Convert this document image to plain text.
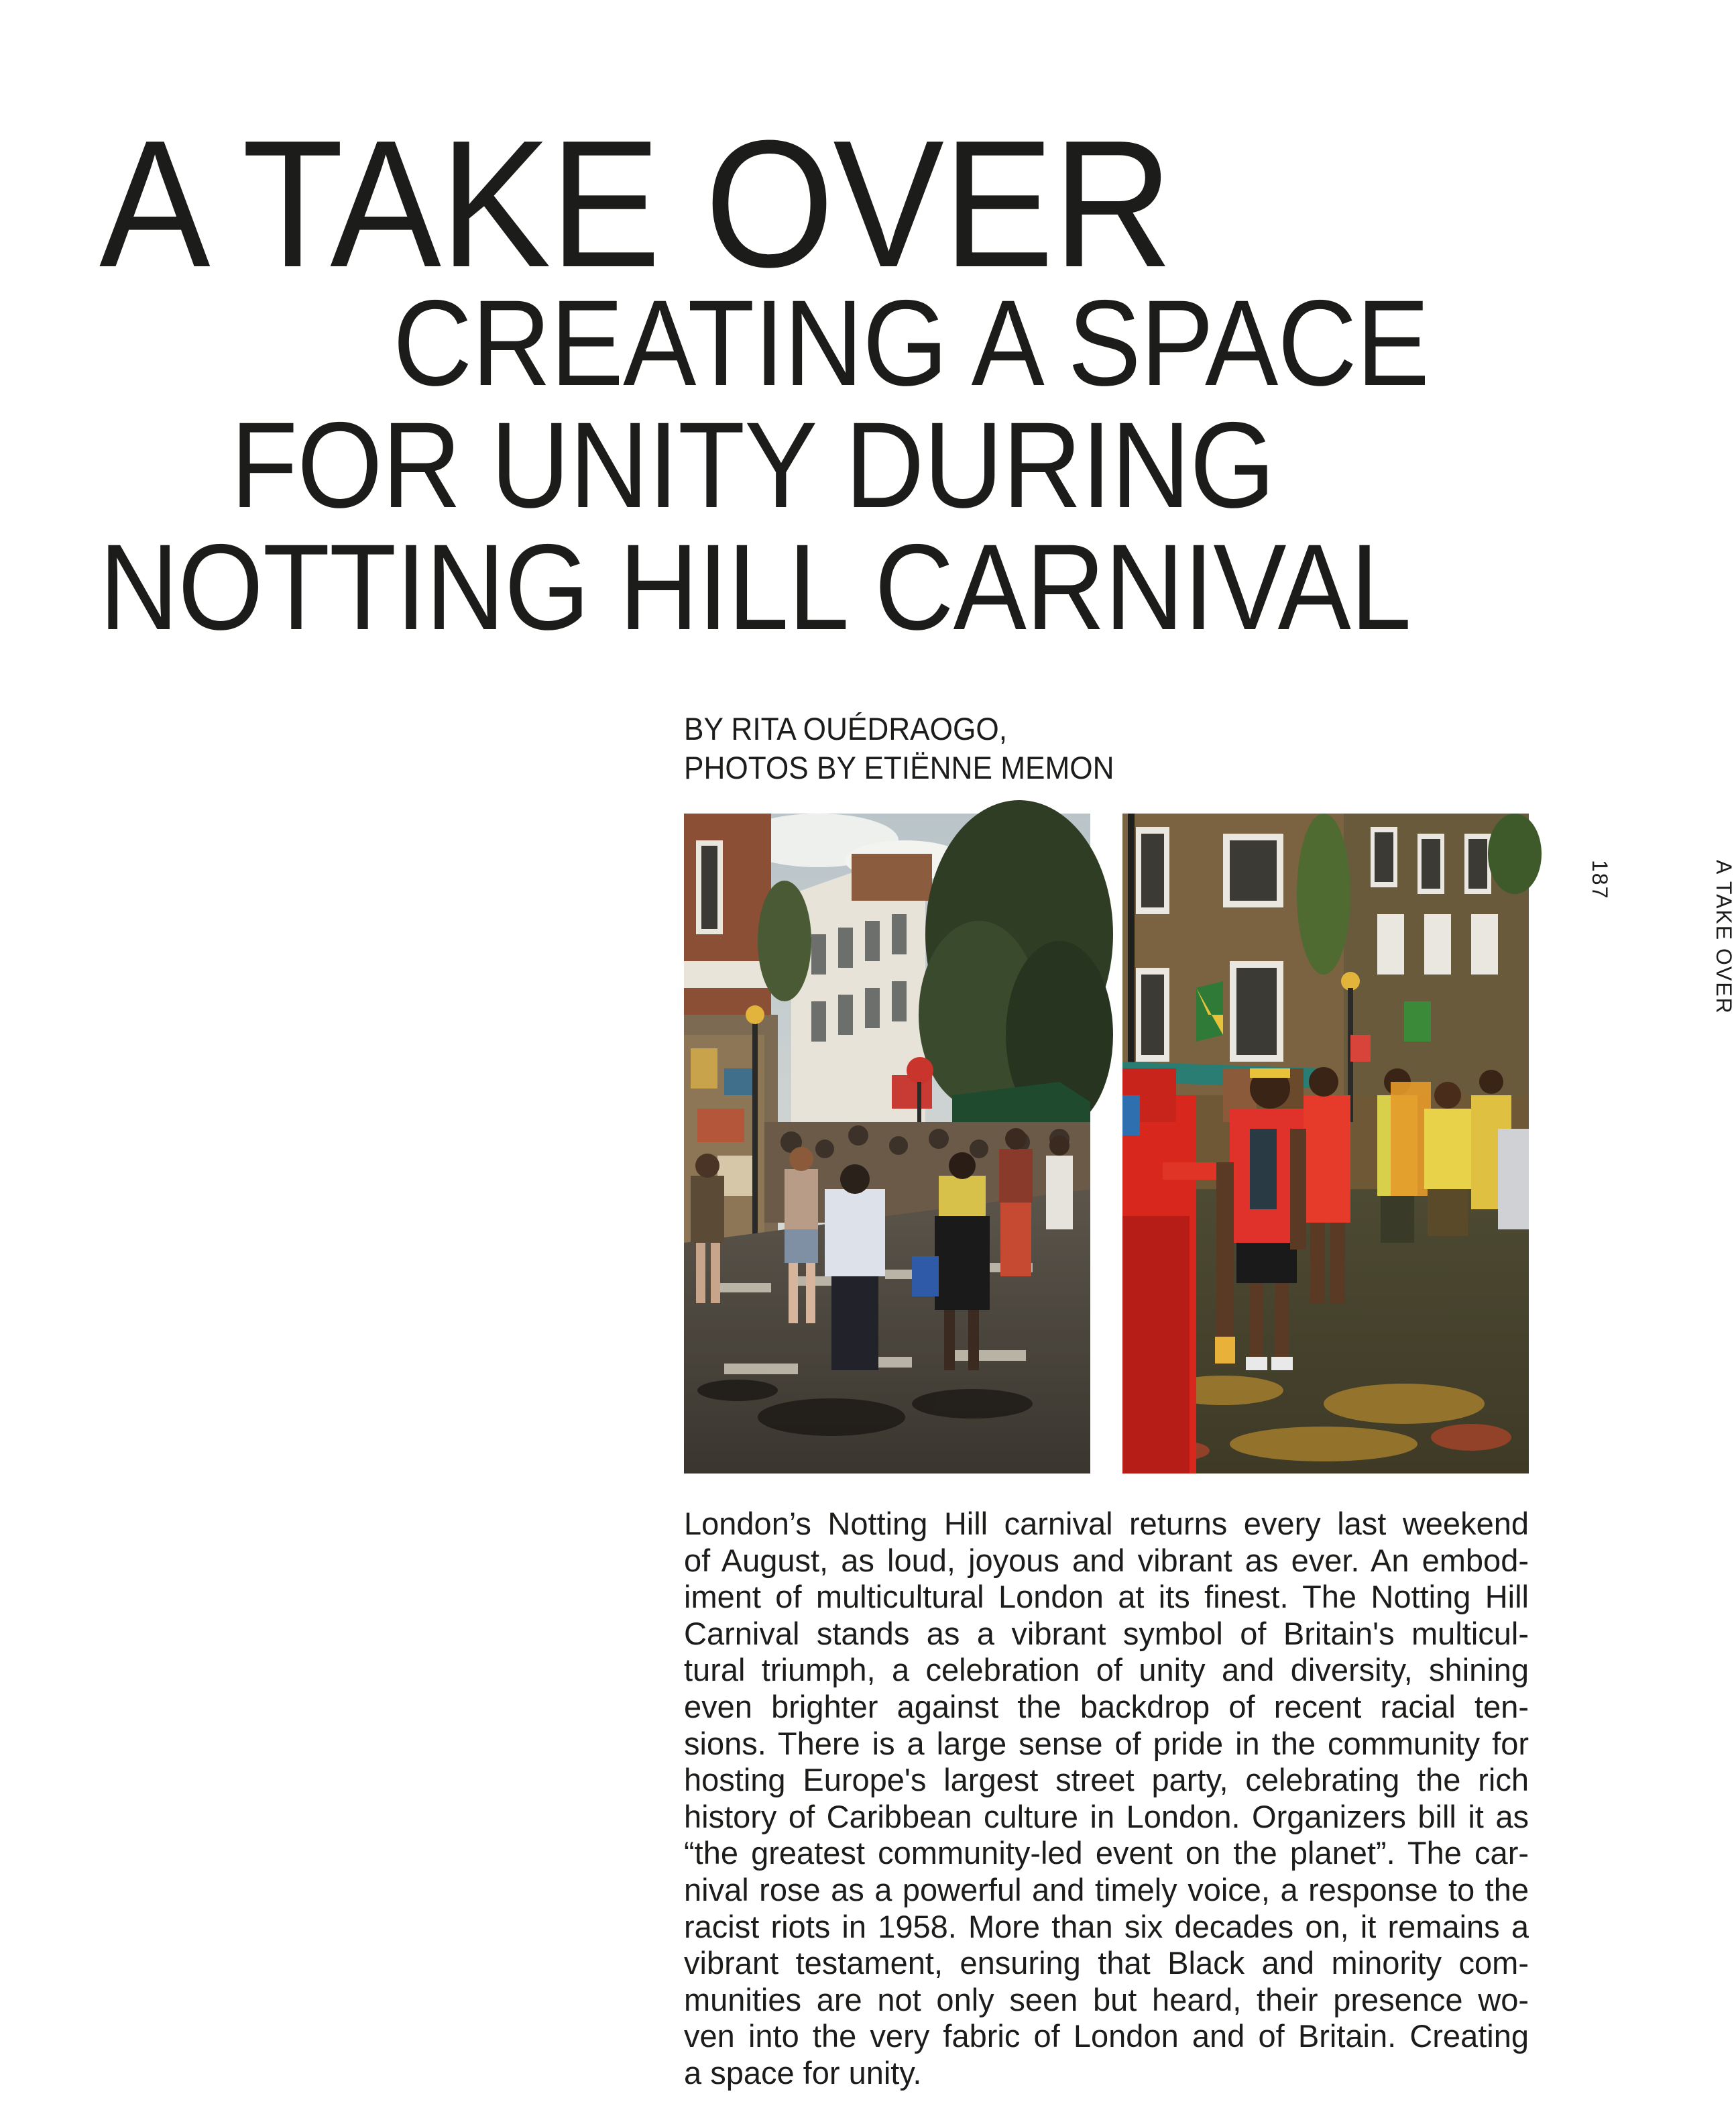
A TAKE OVER
CREATING A SPACE
FOR UNITY DURING
NOTTING HILL CARNIVAL

BY RITA OUÉDRAOGO,
PHOTOS BY ETIËNNE MEMON

187	A TAKE OVER

London’s Notting Hill carnival returns every last weekend
of August, as loud, joyous and vibrant as ever. An embod-
iment of multicultural London at its finest. The Notting Hill
Carnival stands as a vibrant symbol of Britain's multicul-
tural triumph, a celebration of unity and diversity, shining
even brighter against the backdrop of recent racial ten-
sions. There is a large sense of pride in the community for
hosting Europe's largest street party, celebrating the rich
history of Caribbean culture in London. Organizers bill it as
“the greatest community-led event on the planet”. The car-
nival rose as a powerful and timely voice, a response to the
racist riots in 1958. More than six decades on, it remains a
vibrant testament, ensuring that Black and minority com-
munities are not only seen but heard, their presence wo-
ven into the very fabric of London and of Britain. Creating
a space for unity.
